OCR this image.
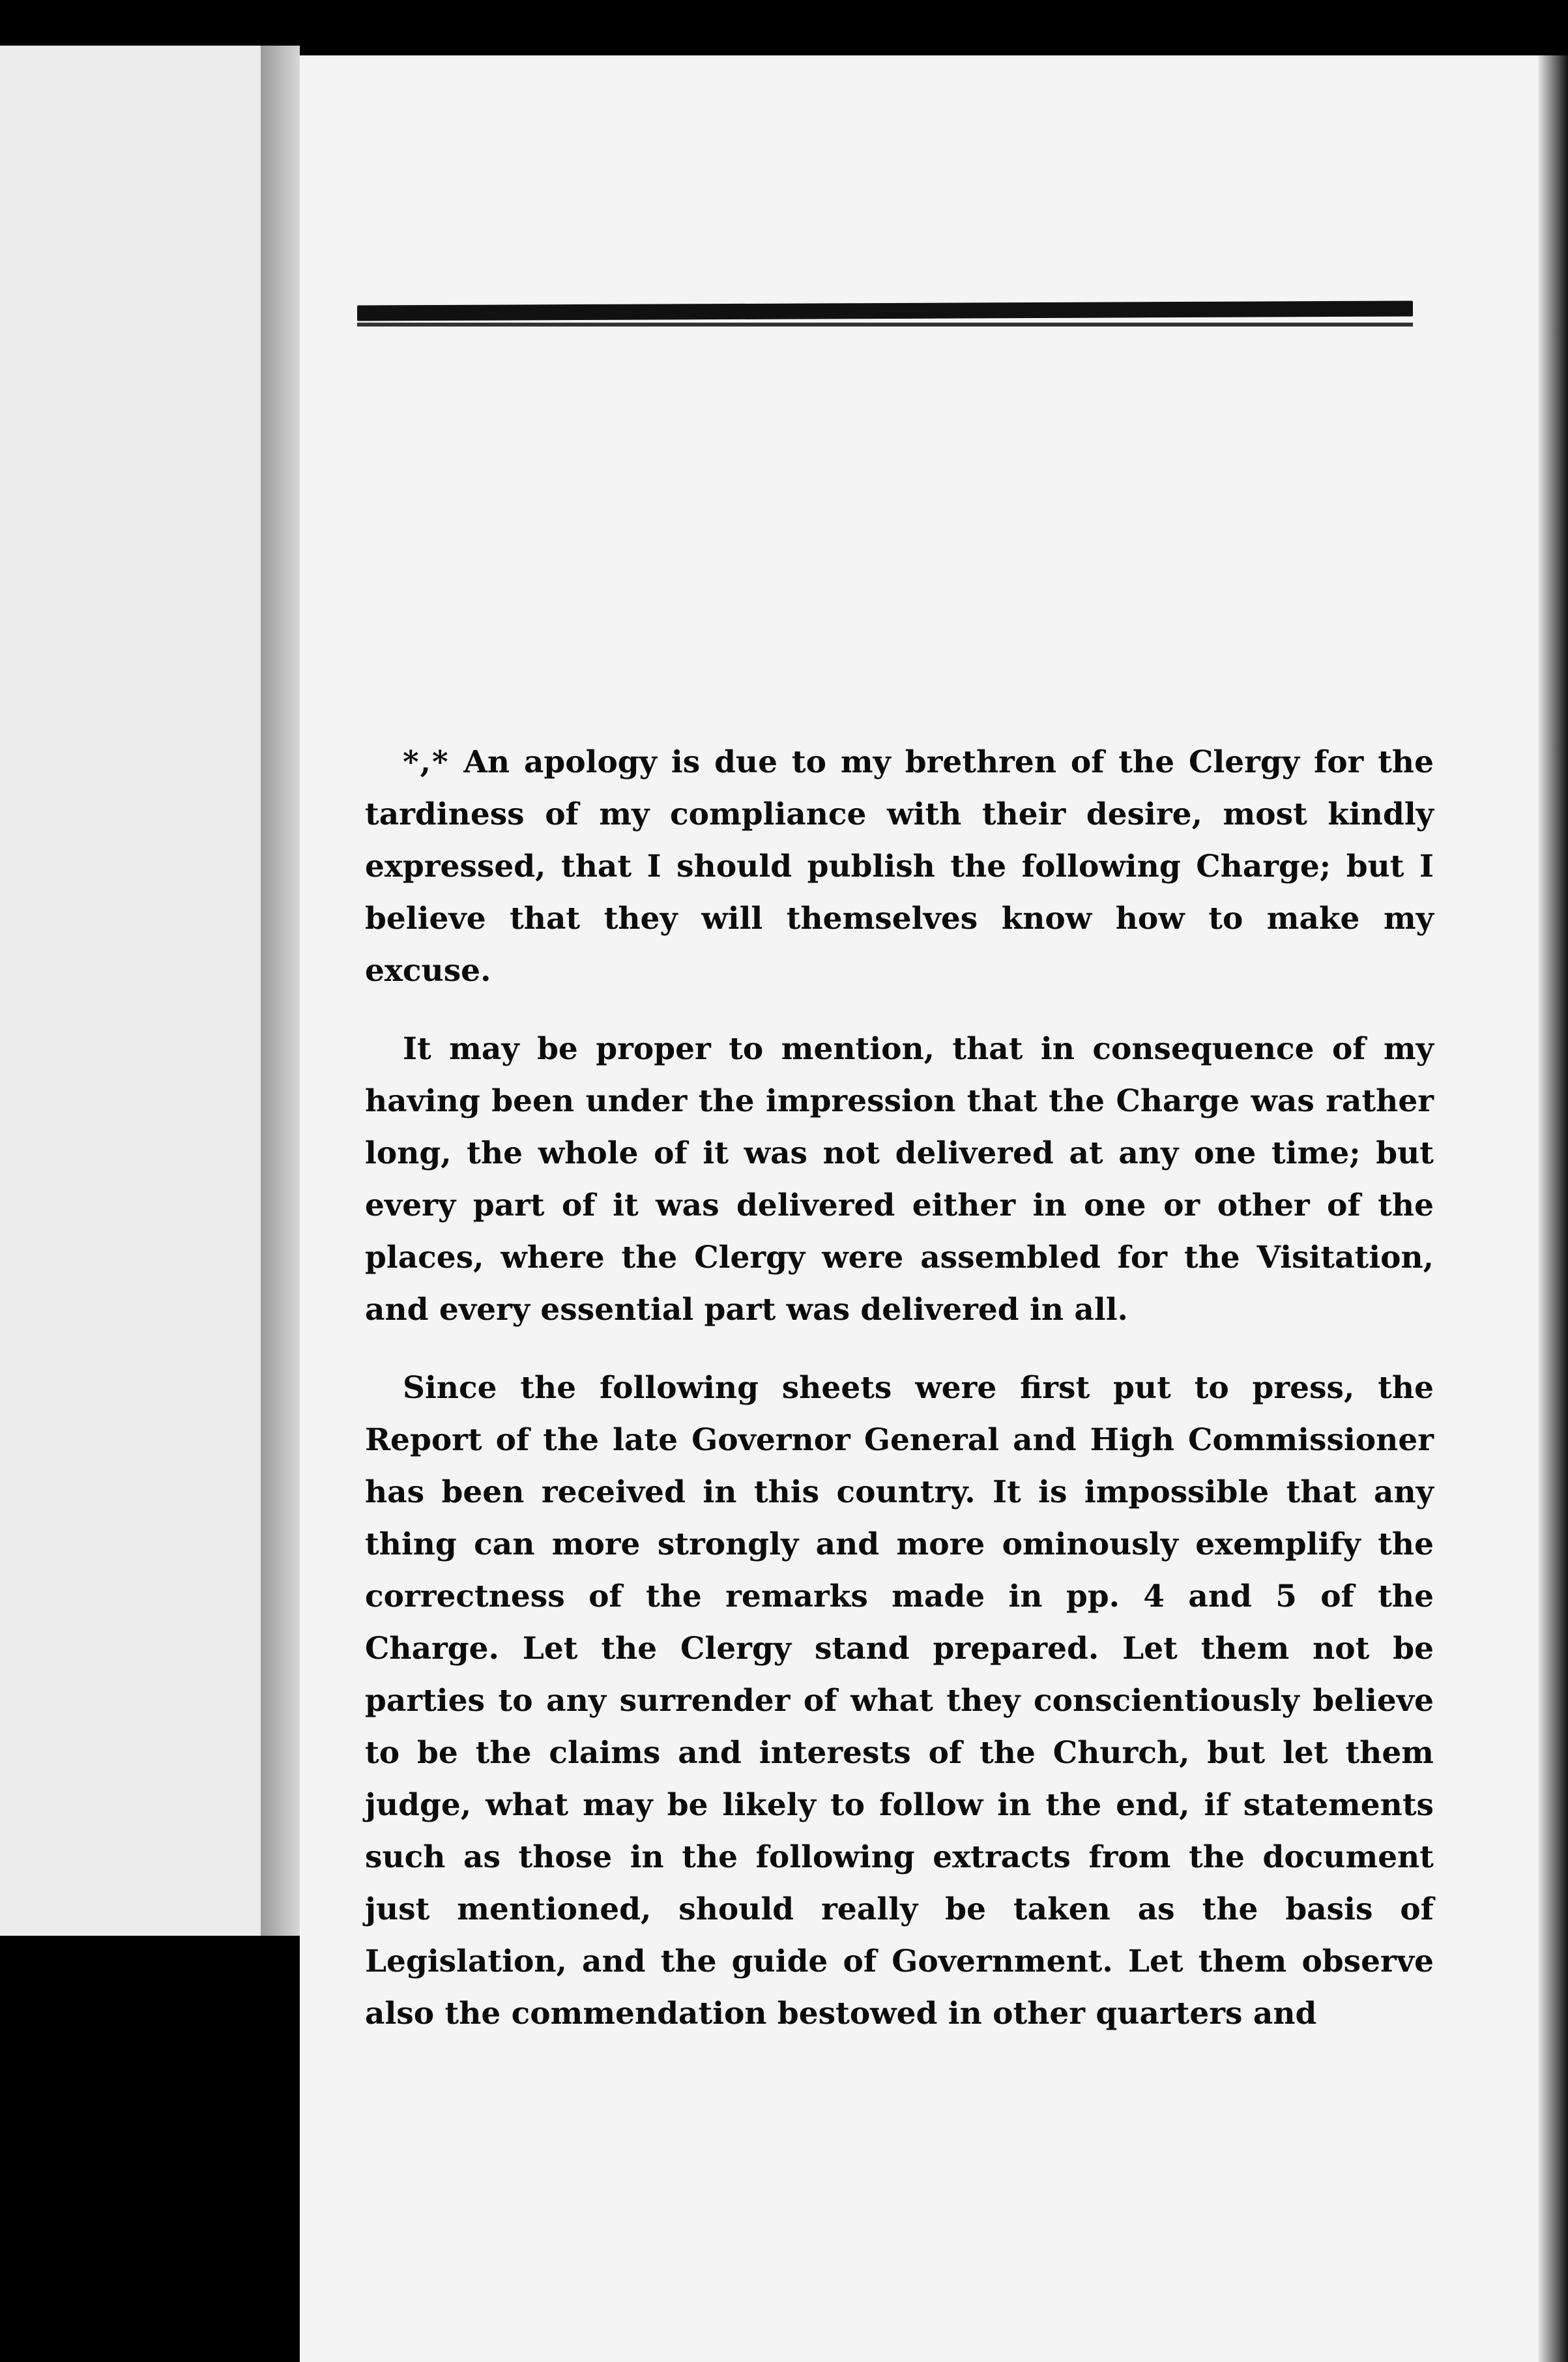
*,* An apology is due to my brethren of the Clergy for the tardiness of my compliance with their desire, most kindly expressed, that I should publish the following Charge; but I believe that they will themselves know how to make my excuse.

It may be proper to mention, that in consequence of my having been under the impression that the Charge was rather long, the whole of it was not delivered at any one time; but every part of it was delivered either in one or other of the places, where the Clergy were assembled for the Visitation, and every essential part was delivered in all.

Since the following sheets were first put to press, the Report of the late Governor General and High Commissioner has been received in this country. It is impossible that any thing can more strongly and more ominously exemplify the correctness of the remarks made in pp. 4 and 5 of the Charge. Let the Clergy stand prepared. Let them not be parties to any surrender of what they conscientiously believe to be the claims and interests of the Church, but let them judge, what may be likely to follow in the end, if statements such as those in the following extracts from the document just mentioned, should really be taken as the basis of Legislation, and the guide of Government. Let them observe also the commendation bestowed in other quarters and
